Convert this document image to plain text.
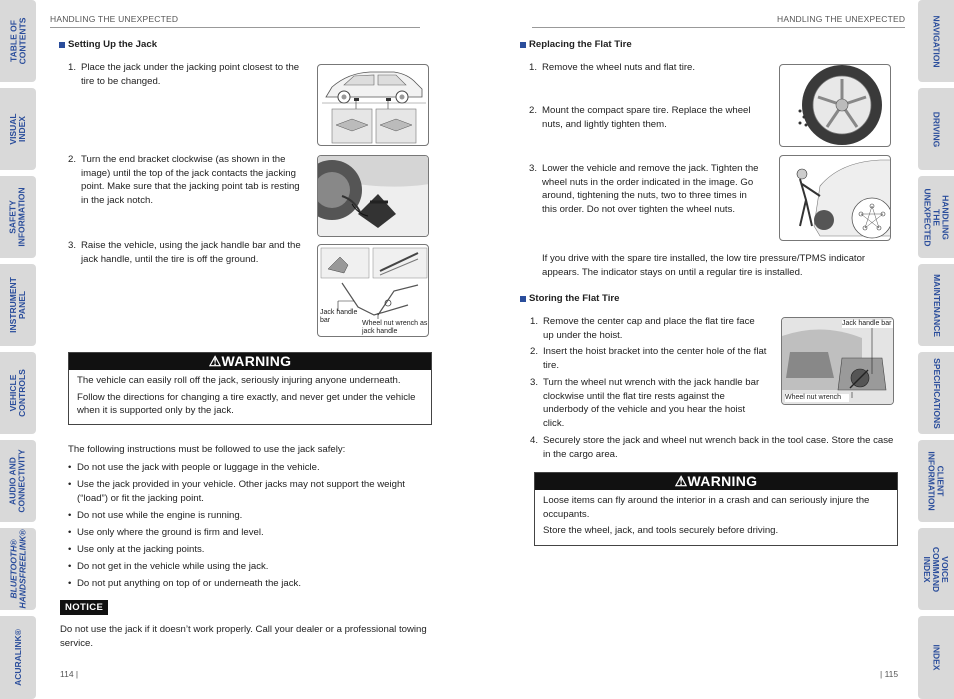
TABLE OF
CONTENTS
VISUAL INDEX
SAFETY
INFORMATION
INSTRUMENT
PANEL
VEHICLE
CONTROLS
AUDIO AND
CONNECTIVITY
BLUETOOTH®
HANDSFREELINK®
ACURALINK®
NAVIGATION
DRIVING
HANDLING THE
UNEXPECTED
MAINTENANCE
SPECIFICATIONS
CLIENT
INFORMATION
VOICE COMMAND
INDEX
INDEX
HANDLING THE UNEXPECTED
Setting Up the Jack
1. Place the jack under the jacking point closest to the tire to be changed.
2. Turn the end bracket clockwise (as shown in the image) until the top of the jack contacts the jacking point. Make sure that the jacking point tab is resting in the jack notch.
3. Raise the vehicle, using the jack handle bar and the jack handle, until the tire is off the ground.
Jack handle bar	Wheel nut wrench as jack handle
⚠WARNING

The vehicle can easily roll off the jack, seriously injuring anyone underneath.

Follow the directions for changing a tire exactly, and never get under the vehicle when it is supported only by the jack.

The following instructions must be followed to use the jack safely:
• Do not use the jack with people or luggage in the vehicle.
• Use the jack provided in your vehicle. Other jacks may not support the weight (“load”) or fit the jacking point.
• Do not use while the engine is running.
• Use only where the ground is firm and level.
• Use only at the jacking points.
• Do not get in the vehicle while using the jack.
• Do not put anything on top of or underneath the jack.
NOTICE
Do not use the jack if it doesn’t work properly. Call your dealer or a professional towing service.
114 |
HANDLING THE UNEXPECTED
Replacing the Flat Tire
1. Remove the wheel nuts and flat tire.
2. Mount the compact spare tire. Replace the wheel nuts, and lightly tighten them.
3. Lower the vehicle and remove the jack. Tighten the wheel nuts in the order indicated in the image. Go around, tightening the nuts, two to three times in this order. Do not over tighten the wheel nuts.
If you drive with the spare tire installed, the low tire pressure/TPMS indicator appears. The indicator stays on until a regular tire is installed.
Storing the Flat Tire
1. Remove the center cap and place the flat tire face up under the hoist.
2. Insert the hoist bracket into the center hole of the flat tire.
3. Turn the wheel nut wrench with the jack handle bar clockwise until the flat tire rests against the underbody of the vehicle and you hear the hoist click.
4. Securely store the jack and wheel nut wrench back in the tool case. Store the case in the cargo area.
Jack handle bar
Wheel nut wrench
⚠WARNING

Loose items can fly around the interior in a crash and can seriously injure the occupants.

Store the wheel, jack, and tools securely before driving.

| 115
